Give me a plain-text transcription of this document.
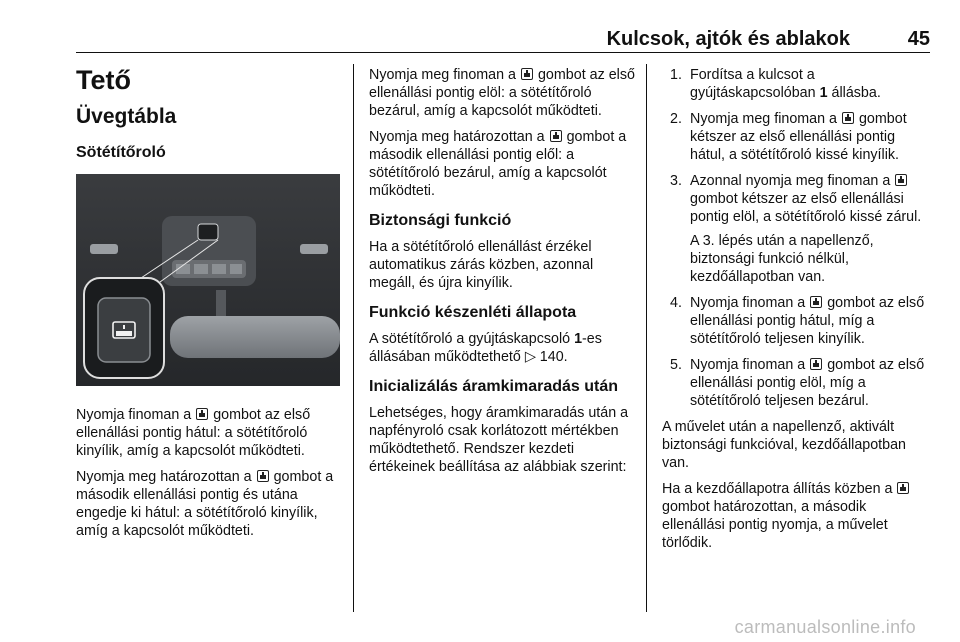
Kulcsok, ajtók és ablakok	45
Tető
Üvegtábla
Sötétítőroló

Nyomja finoman a gombot az első ellenállási pontig hátul: a sötétítőroló kinyílik, amíg a kapcsolót működteti.

Nyomja meg határozottan a gombot a második ellenállási pontig és utána engedje ki hátul: a sötétítőroló kinyílik, amíg a kapcsolót működteti.

Nyomja meg finoman a gombot az első ellenállási pontig elöl: a sötétítőroló bezárul, amíg a kapcsolót működteti.

Nyomja meg határozottan a gombot a második ellenállási pontig elől: a sötétítőroló bezárul, amíg a kapcsolót működteti.

Biztonsági funkció

Ha a sötétítőroló ellenállást érzékel automatikus zárás közben, azonnal megáll, és újra kinyílik.

Funkció készenléti állapota

A sötétítőroló a gyújtáskapcsoló 1-es állásában működtethető ▷ 140.

Inicializálás áramkimaradás után

Lehetséges, hogy áramkimaradás után a napfényroló csak korlátozott mértékben működtethető. Rendszer kezdeti értékeinek beállítása az alábbiak szerint:

1. Fordítsa a kulcsot a gyújtáskapcsolóban 1 állásba.
2. Nyomja meg finoman a gombot kétszer az első ellenállási pontig hátul, a sötétítőroló kissé kinyílik.
3. Azonnal nyomja meg finoman a  gombot kétszer az első ellenállási pontig elöl, a sötétítőroló kissé zárul.
A 3. lépés után a napellenző, biztonsági funkció nélkül, kezdőállapotban van.
4. Nyomja finoman a gombot az első ellenállási pontig hátul, míg a sötétítőroló teljesen kinyílik.
5. Nyomja finoman a gombot az első ellenállási pontig elöl, míg a sötétítőroló teljesen bezárul.

A művelet után a napellenző, aktivált biztonsági funkcióval, kezdőállapotban van.

Ha a kezdőállapotra állítás közben a  gombot határozottan, a második ellenállási pontig nyomja, a művelet törlődik.

carmanualsonline.info
